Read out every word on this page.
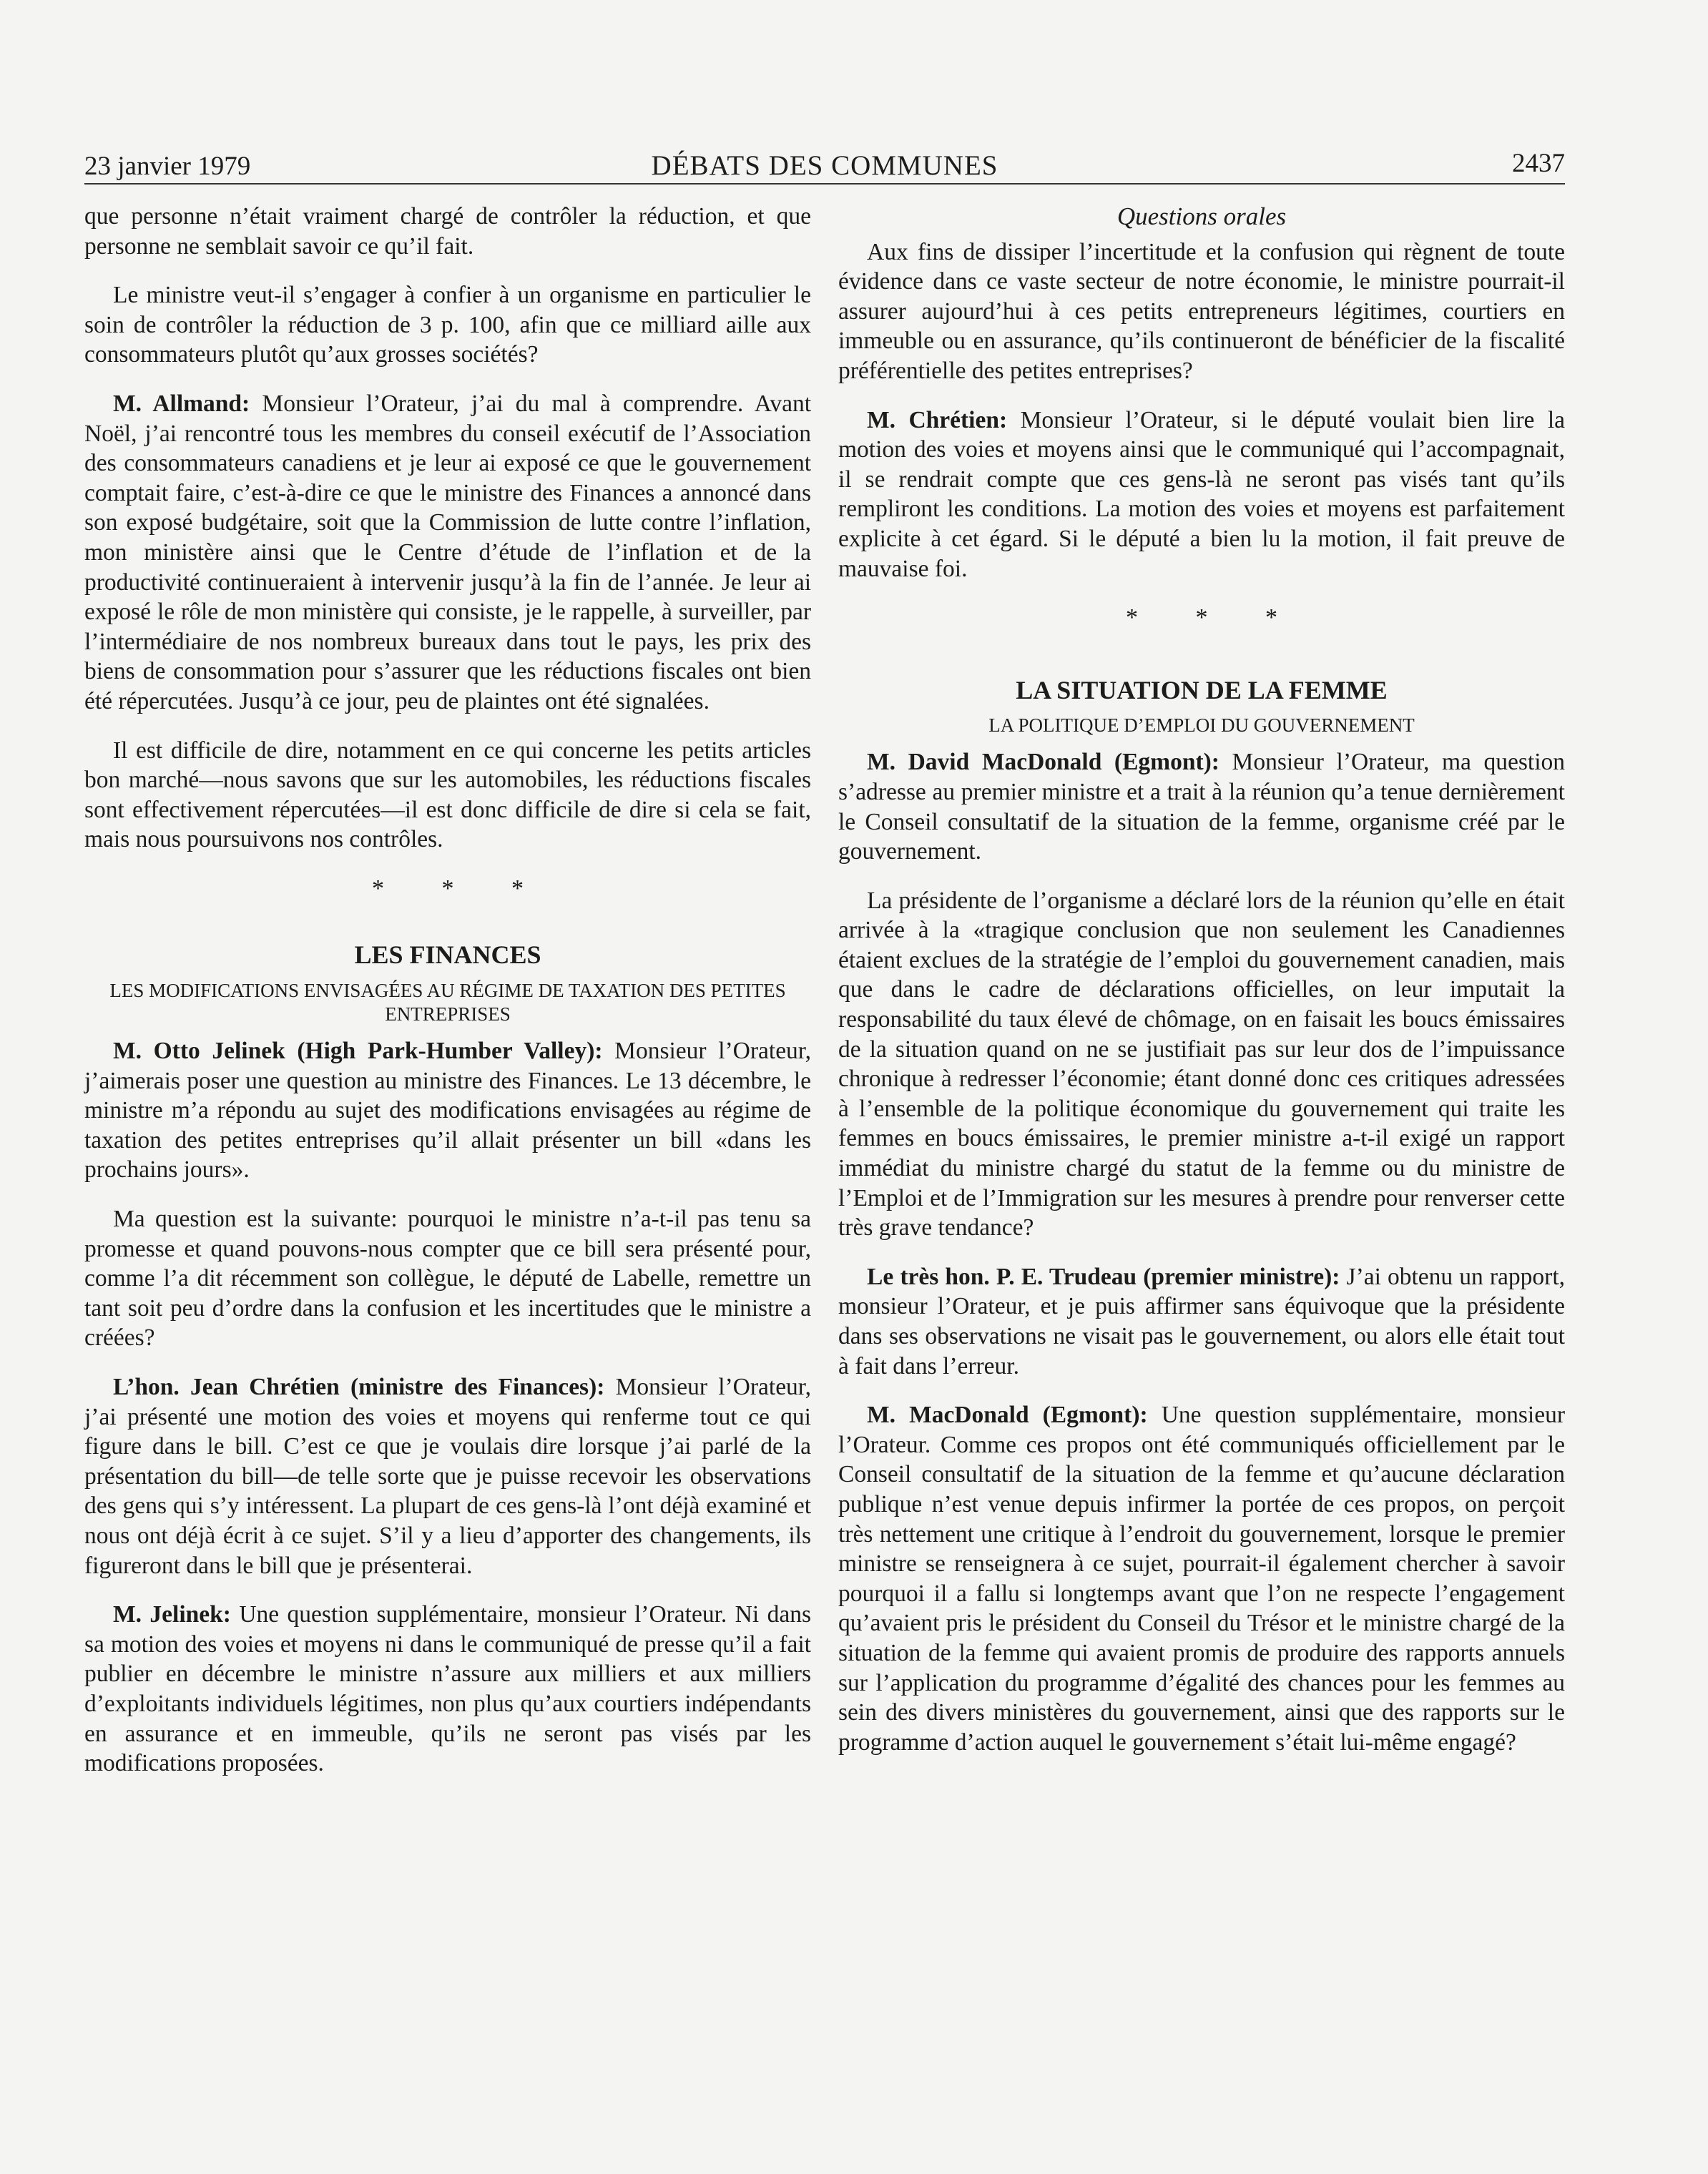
23 janvier 1979	DÉBATS DES COMMUNES	2437

que personne n’était vraiment chargé de contrôler la réduction, et que personne ne semblait savoir ce qu’il fait.

Le ministre veut-il s’engager à confier à un organisme en particulier le soin de contrôler la réduction de 3 p. 100, afin que ce milliard aille aux consommateurs plutôt qu’aux grosses sociétés?

M. Allmand: Monsieur l’Orateur, j’ai du mal à comprendre. Avant Noël, j’ai rencontré tous les membres du conseil exécutif de l’Association des consommateurs canadiens et je leur ai exposé ce que le gouvernement comptait faire, c’est-à-dire ce que le ministre des Finances a annoncé dans son exposé budgétaire, soit que la Commission de lutte contre l’inflation, mon ministère ainsi que le Centre d’étude de l’inflation et de la productivité continueraient à intervenir jusqu’à la fin de l’année. Je leur ai exposé le rôle de mon ministère qui consiste, je le rappelle, à surveiller, par l’intermédiaire de nos nombreux bureaux dans tout le pays, les prix des biens de consommation pour s’assurer que les réductions fiscales ont bien été répercutées. Jusqu’à ce jour, peu de plaintes ont été signalées.

Il est difficile de dire, notamment en ce qui concerne les petits articles bon marché—nous savons que sur les automobiles, les réductions fiscales sont effectivement répercutées—il est donc difficile de dire si cela se fait, mais nous poursuivons nos contrôles.

* * *
LES FINANCES
LES MODIFICATIONS ENVISAGÉES AU RÉGIME DE TAXATION DES PETITES ENTREPRISES

M. Otto Jelinek (High Park-Humber Valley): Monsieur l’Orateur, j’aimerais poser une question au ministre des Finances. Le 13 décembre, le ministre m’a répondu au sujet des modifications envisagées au régime de taxation des petites entreprises qu’il allait présenter un bill «dans les prochains jours».

Ma question est la suivante: pourquoi le ministre n’a-t-il pas tenu sa promesse et quand pouvons-nous compter que ce bill sera présenté pour, comme l’a dit récemment son collègue, le député de Labelle, remettre un tant soit peu d’ordre dans la confusion et les incertitudes que le ministre a créées?

L’hon. Jean Chrétien (ministre des Finances): Monsieur l’Orateur, j’ai présenté une motion des voies et moyens qui renferme tout ce qui figure dans le bill. C’est ce que je voulais dire lorsque j’ai parlé de la présentation du bill—de telle sorte que je puisse recevoir les observations des gens qui s’y intéressent. La plupart de ces gens-là l’ont déjà examiné et nous ont déjà écrit à ce sujet. S’il y a lieu d’apporter des changements, ils figureront dans le bill que je présenterai.

M. Jelinek: Une question supplémentaire, monsieur l’Orateur. Ni dans sa motion des voies et moyens ni dans le communiqué de presse qu’il a fait publier en décembre le ministre n’assure aux milliers et aux milliers d’exploitants individuels légitimes, non plus qu’aux courtiers indépendants en assurance et en immeuble, qu’ils ne seront pas visés par les modifications proposées.

Questions orales

Aux fins de dissiper l’incertitude et la confusion qui règnent de toute évidence dans ce vaste secteur de notre économie, le ministre pourrait-il assurer aujourd’hui à ces petits entrepreneurs légitimes, courtiers en immeuble ou en assurance, qu’ils continueront de bénéficier de la fiscalité préférentielle des petites entreprises?

M. Chrétien: Monsieur l’Orateur, si le député voulait bien lire la motion des voies et moyens ainsi que le communiqué qui l’accompagnait, il se rendrait compte que ces gens-là ne seront pas visés tant qu’ils rempliront les conditions. La motion des voies et moyens est parfaitement explicite à cet égard. Si le député a bien lu la motion, il fait preuve de mauvaise foi.

* * *
LA SITUATION DE LA FEMME
LA POLITIQUE D’EMPLOI DU GOUVERNEMENT

M. David MacDonald (Egmont): Monsieur l’Orateur, ma question s’adresse au premier ministre et a trait à la réunion qu’a tenue dernièrement le Conseil consultatif de la situation de la femme, organisme créé par le gouvernement.

La présidente de l’organisme a déclaré lors de la réunion qu’elle en était arrivée à la «tragique conclusion que non seulement les Canadiennes étaient exclues de la stratégie de l’emploi du gouvernement canadien, mais que dans le cadre de déclarations officielles, on leur imputait la responsabilité du taux élevé de chômage, on en faisait les boucs émissaires de la situation quand on ne se justifiait pas sur leur dos de l’impuissance chronique à redresser l’économie; étant donné donc ces critiques adressées à l’ensemble de la politique économique du gouvernement qui traite les femmes en boucs émissaires, le premier ministre a-t-il exigé un rapport immédiat du ministre chargé du statut de la femme ou du ministre de l’Emploi et de l’Immigration sur les mesures à prendre pour renverser cette très grave tendance?

Le très hon. P. E. Trudeau (premier ministre): J’ai obtenu un rapport, monsieur l’Orateur, et je puis affirmer sans équivoque que la présidente dans ses observations ne visait pas le gouvernement, ou alors elle était tout à fait dans l’erreur.

M. MacDonald (Egmont): Une question supplémentaire, monsieur l’Orateur. Comme ces propos ont été communiqués officiellement par le Conseil consultatif de la situation de la femme et qu’aucune déclaration publique n’est venue depuis infirmer la portée de ces propos, on perçoit très nettement une critique à l’endroit du gouvernement, lorsque le premier ministre se renseignera à ce sujet, pourrait-il également chercher à savoir pourquoi il a fallu si longtemps avant que l’on ne respecte l’engagement qu’avaient pris le président du Conseil du Trésor et le ministre chargé de la situation de la femme qui avaient promis de produire des rapports annuels sur l’application du programme d’égalité des chances pour les femmes au sein des divers ministères du gouvernement, ainsi que des rapports sur le programme d’action auquel le gouvernement s’était lui-même engagé?
